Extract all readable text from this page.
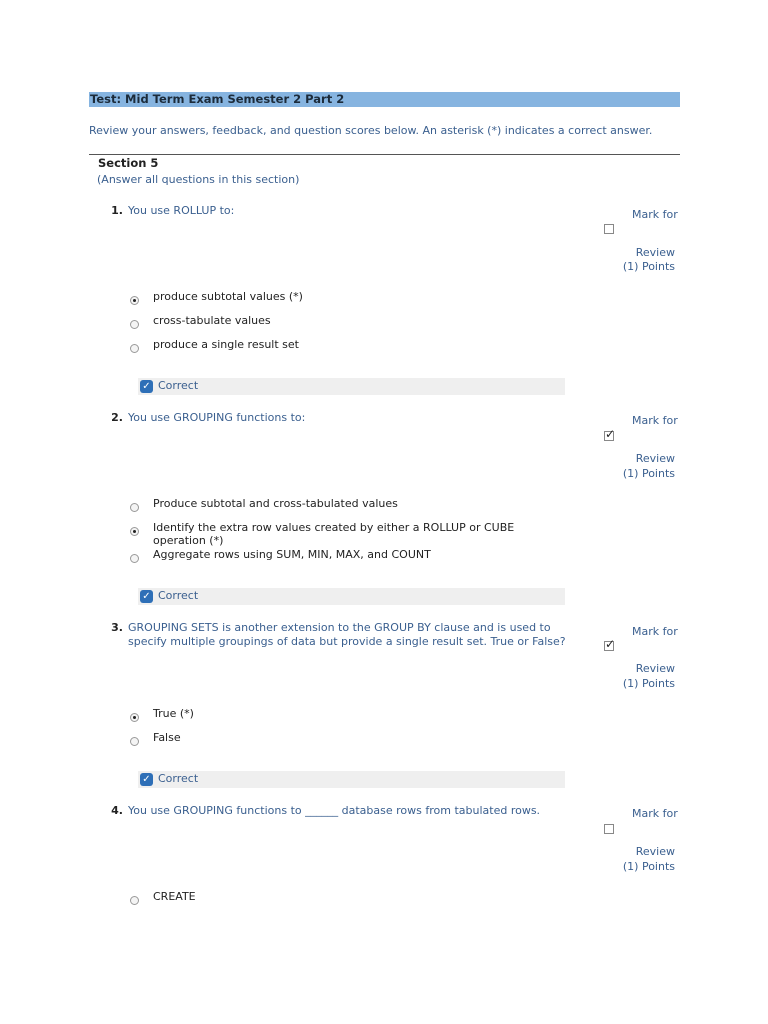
Test: Mid Term Exam Semester 2 Part 2
Review your answers, feedback, and question scores below. An asterisk (*) indicates a correct answer.
Section 5
(Answer all questions in this section)
1. You use ROLLUP to:	Mark for
Review
(1) Points
produce subtotal values (*)
cross-tabulate values
produce a single result set
✓ Correct
2. You use GROUPING functions to:	Mark for
✓
Review
(1) Points
Produce subtotal and cross-tabulated values
Identify the extra row values created by either a ROLLUP or CUBE operation (*)
Aggregate rows using SUM, MIN, MAX, and COUNT
✓ Correct
3. GROUPING SETS is another extension to the GROUP BY clause and is used to specify multiple groupings of data but provide a single result set. True or False?
Mark for
✓
Review
(1) Points
True (*)
False
✓ Correct
4. You use GROUPING functions to ______ database rows from tabulated rows.	Mark for
Review
(1) Points
CREATE
